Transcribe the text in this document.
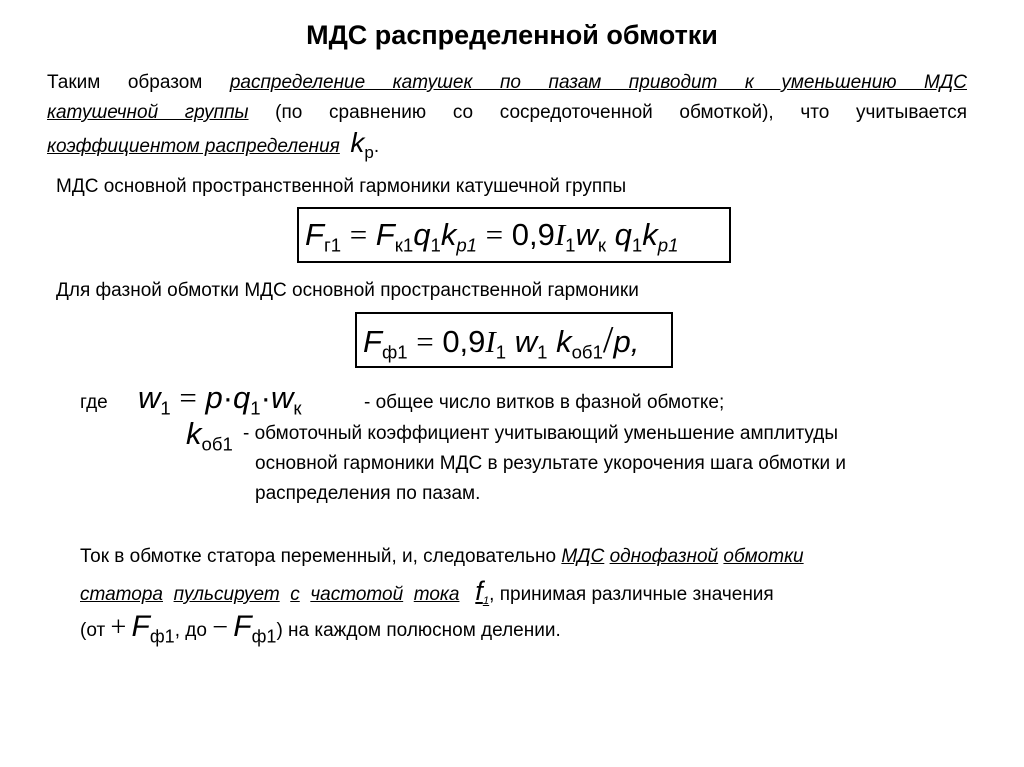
МДС распределенной обмотки
Таким образом распределение катушек по пазам приводит к уменьшению МДС
катушечной группы (по сравнению со сосредоточенной обмоткой), что учитывается
коэффициентом распределения $k_р$.
МДС основной пространственной гармоники катушечной группы
$F_{г1} = F_{к1}q_1k_{р1} = 0,9I_1w_к$ $q_1k_{р1}$
Для фазной обмотки МДС основной пространственной гармоники
$F_{ф1} = 0,9I_1$ $w_1$ $k_{об1}/p$,
где $w_1 = p\cdot q_1\cdot w_к$	- общее число витков в фазной обмотке;
$k_{об1}$ - обмоточный коэффициент учитывающий уменьшение амплитуды
основной гармоники МДС в результате укорочения шага обмотки и
распределения по пазам.
Ток в обмотке статора переменный, и, следовательно МДС однофазной обмотки
статора пульсирует с частотой тока $f_1$, принимая различные значения
($от + F_{ф1}$, до − $F_{ф1}$) на каждом полюсном делении.
